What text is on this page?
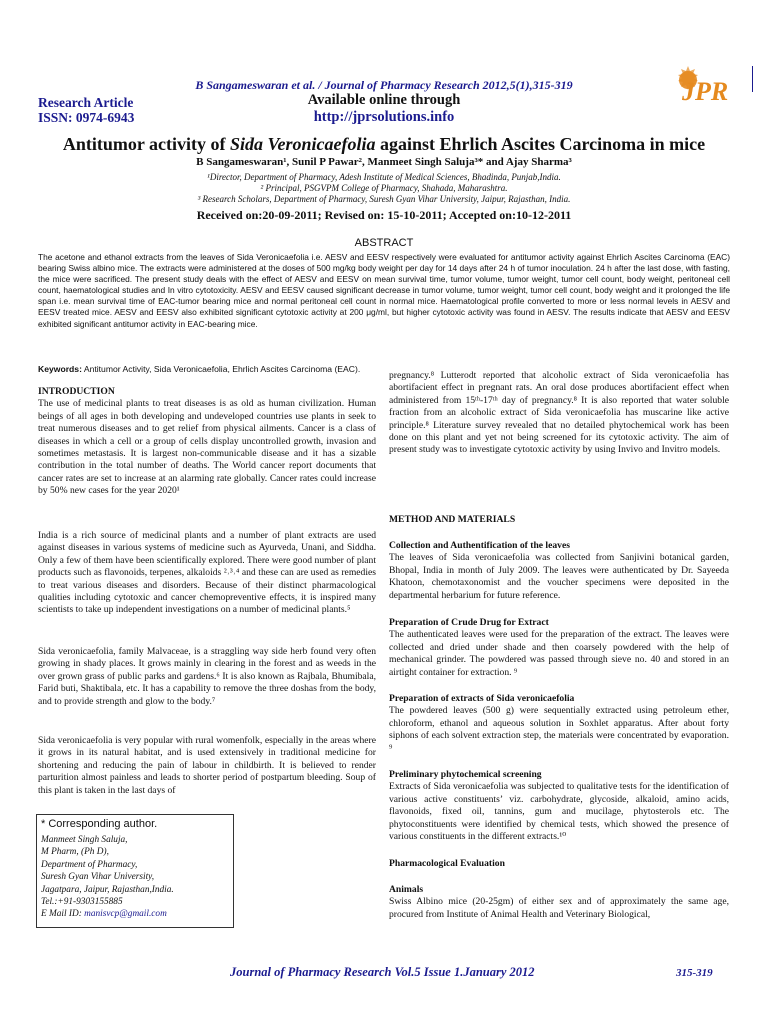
B Sangameswaran et al. / Journal of Pharmacy Research 2012,5(1),315-319
Research Article
ISSN: 0974-6943
Available online through
http://jprsolutions.info
JPR
Antitumor activity of Sida Veronicaefolia against Ehrlich Ascites Carcinoma in mice
B Sangameswaran¹, Sunil P Pawar², Manmeet Singh Saluja³* and Ajay Sharma³
¹Director, Department of Pharmacy, Adesh Institute of Medical Sciences, Bhadinda, Punjab,India.
² Principal, PSGVPM College of Pharmacy, Shahada, Maharashtra.
³ Research Scholars, Department of Pharmacy, Suresh Gyan Vihar University, Jaipur, Rajasthan, India.
Received on:20-09-2011; Revised on: 15-10-2011; Accepted on:10-12-2011
ABSTRACT
The acetone and ethanol extracts from the leaves of Sida Veronicaefolia i.e. AESV and EESV respectively were evaluated for antitumor activity against Ehrlich Ascites Carcinoma (EAC) bearing Swiss albino mice. The extracts were administered at the doses of 500 mg/kg body weight per day for 14 days after 24 h of tumor inoculation. 24 h after the last dose, with fasting, the mice were sacrificed. The present study deals with the effect of AESV and EESV on mean survival time, tumor volume, tumor weight, tumor cell count, body weight, peritoneal cell count, haematological studies and In vitro cytotoxicity. AESV and EESV caused significant decrease in tumor volume, tumor weight, tumor cell count, body weight and it prolonged the life span i.e. mean survival time of EAC-tumor bearing mice and normal peritoneal cell count in normal mice. Haematological profile converted to more or less normal levels in AESV and EESV treated mice. AESV and EESV also exhibited significant cytotoxic activity at 200 μg/ml, but higher cytotoxic activity was found in AESV. The results indicate that AESV and EESV exhibited significant antitumor activity in EAC-bearing mice.
Keywords: Antitumor Activity, Sida Veronicaefolia, Ehrlich Ascites Carcinoma (EAC).
INTRODUCTION

The use of medicinal plants to treat diseases is as old as human civilization. Human beings of all ages in both developing and undeveloped countries use plants in seek to treat numerous diseases and to get relief from physical ailments. Cancer is a class of diseases in which a cell or a group of cells display uncontrolled growth, invasion and sometimes metastasis. It is largest non-communicable disease and it has a sizable contribution in the total number of deaths. The World cancer report documents that cancer rates are set to increase at an alarming rate globally. Cancer rates could increase by 50% new cases for the year 2020¹

India is a rich source of medicinal plants and a number of plant extracts are used against diseases in various systems of medicine such as Ayurveda, Unani, and Siddha. Only a few of them have been scientifically explored. There were good number of plant products such as flavonoids, terpenes, alkaloids ²˒³˒⁴ and these can are used as remedies to treat various diseases and disorders. Because of their distinct pharmacological qualities including cytotoxic and cancer chemopreventive effects, it is inspired many scientists to take up independent investigations on a number of medicinal plants.⁵

Sida veronicaefolia, family Malvaceae, is a straggling way side herb found very often growing in shady places. It grows mainly in clearing in the forest and as weeds in the over grown grass of public parks and gardens.⁶ It is also known as Rajbala, Bhumibala, Farid buti, Shaktibala, etc. It has a capability to remove the three doshas from the body, and to provide strength and glow to the body.⁷

Sida veronicaefolia is very popular with rural womenfolk, especially in the areas where it grows in its natural habitat, and is used extensively in traditional medicine for shortening and reducing the pain of labour in childbirth. It is believed to render parturition almost painless and leads to shorter period of postpartum bleeding. Soup of this plant is taken in the last days of

* Corresponding author.
Manmeet Singh Saluja,
M Pharm, (Ph D),
Department of Pharmacy,
Suresh Gyan Vihar University,
Jagatpara, Jaipur, Rajasthan,India.
Tel.:+91-9303155885
E Mail ID: manisvcp@gmail.com

pregnancy.⁸ Lutterodt reported that alcoholic extract of Sida veronicaefolia has abortifacient effect in pregnant rats. An oral dose produces abortifacient effect when administered from 15ᵗʰ-17ᵗʰ day of pregnancy.⁸ It is also reported that water soluble fraction from an alcoholic extract of Sida veronicaefolia has muscarine like active principle.⁸ Literature survey revealed that no detailed phytochemical work has been done on this plant and yet not being screened for its cytotoxic activity. The aim of present study was to investigate cytotoxic activity by using Invivo and Invitro models.

METHOD AND MATERIALS
Collection and Authentification of the leaves

The leaves of Sida veronicaefolia was collected from Sanjivini botanical garden, Bhopal, India in month of July 2009. The leaves were authenticated by Dr. Sayeeda Khatoon, chemotaxonomist and the voucher specimens were deposited in the departmental herbarium for future reference.

Preparation of Crude Drug for Extract

The authenticated leaves were used for the preparation of the extract. The leaves were collected and dried under shade and then coarsely powdered with the help of mechanical grinder. The powdered was passed through sieve no. 40 and stored in an airtight container for extraction. ⁹

Preparation of extracts of Sida veronicaefolia

The powdered leaves (500 g) were sequentially extracted using petroleum ether, chloroform, ethanol and aqueous solution in Soxhlet apparatus. After about forty siphons of each solvent extraction step, the materials were concentrated by evaporation. ⁹

Preliminary phytochemical screening

Extracts of Sida veronicaefolia was subjected to qualitative tests for the identification of various active constituents’ viz. carbohydrate, glycoside, alkaloid, amino acids, flavonoids, fixed oil, tannins, gum and mucilage, phytosterols etc. The phytoconstituents were identified by chemical tests, which showed the presence of various constituents in the different extracts.¹⁰

Pharmacological Evaluation
Animals

Swiss Albino mice (20-25gm) of either sex and of approximately the same age, procured from Institute of Animal Health and Veterinary Biological,

Journal of Pharmacy Research Vol.5 Issue 1.January 2012	315-319
